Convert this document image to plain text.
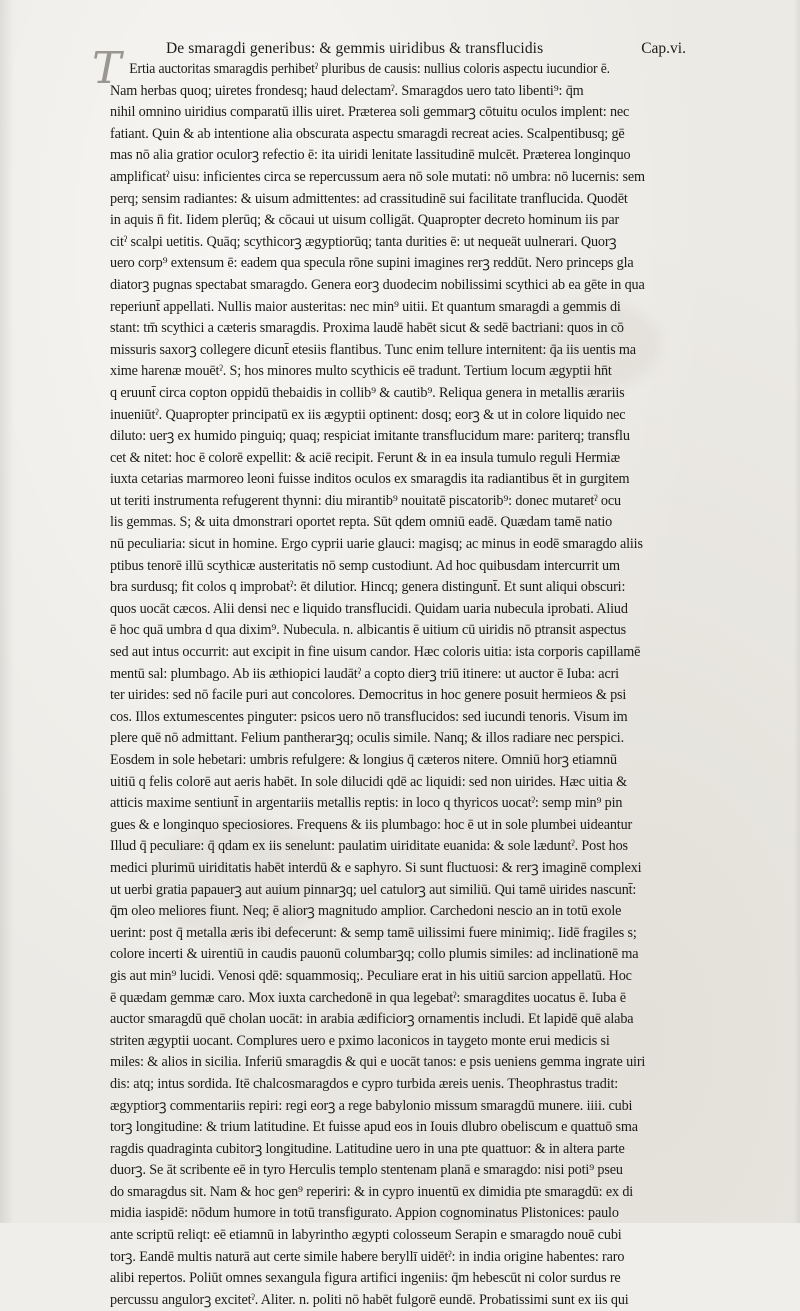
De smaragdi generibus: & gemmis uiridibus & transflucidis	Cap.vi.
T Ertia auctoritas smaragdis perhibetˀ pluribus de causis: nullius coloris aspectu iucundior ē.
Nam herbas quoq; uiretes frondesq; haud delectamˀ. Smaragdos uero tato libenti⁹: q̄m
nihil omnino uiridius comparatū illis uiret. Præterea soli gemmarꝫ cōtuitu oculos implent: nec
fatiant. Quin & ab intentione alia obscurata aspectu smaragdi recreat acies. Scalpentibusq; gē
mas nō alia gratior oculorꝫ refectio ē: ita uiridi lenitate lassitudinē mulcēt. Præterea longinquo
amplificatˀ uisu: inficientes circa se repercussum aera nō sole mutati: nō umbra: nō lucernis: sem
perq; sensim radiantes: & uisum admittentes: ad crassitudinē sui facilitate tranflucida. Quodēt
in aquis n̄ fit. Iidem plerūq; & cōcaui ut uisum colligāt. Quapropter decreto hominum iis par
citˀ scalpi uetitis. Quāq; scythicorꝫ ægyptiorūq; tanta durities ē: ut nequeāt uulnerari. Quorꝫ
uero corp⁹ extensum ē: eadem qua specula rōne supini imagines rerꝫ reddūt. Nero princeps gla
diatorꝫ pugnas spectabat smaragdo. Genera eorꝫ duodecim nobilissimi scythici ab ea gēte in qua
reperiunt̄ appellati. Nullis maior austeritas: nec min⁹ uitii. Et quantum smaragdi a gemmis di
stant: tm̄ scythici a cæteris smaragdis. Proxima laudē habēt sicut & sedē bactriani: quos in cō
missuris saxorꝫ collegere dicunt̄ etesiis flantibus. Tunc enim tellure internitent: q̄a iis uentis ma
xime harenæ mouētˀ. S; hos minores multo scythicis eē tradunt. Tertium locum ægyptii hn̄t
q eruunt̄ circa copton oppidū thebaidis in collib⁹ & cautib⁹. Reliqua genera in metallis ærariis
inueniūtˀ. Quapropter principatū ex iis ægyptii optinent: dosq; eorꝫ & ut in colore liquido nec
diluto: uerꝫ ex humido pinguiq; quaq; respiciat imitante transflucidum mare: pariterq; transflu
cet & nitet: hoc ē colorē expellit: & aciē recipit. Ferunt & in ea insula tumulo reguli Hermiæ
iuxta cetarias marmoreo leoni fuisse inditos oculos ex smaragdis ita radiantibus ēt in gurgitem
ut teriti instrumenta refugerent thynni: diu mirantib⁹ nouitatē piscatorib⁹: donec mutaretˀ ocu
lis gemmas. S; & uita dmonstrari oportet repta. Sūt qdem omniū eadē. Quædam tamē natio
nū peculiaria: sicut in homine. Ergo cyprii uarie glauci: magisq; ac minus in eodē smaragdo aliis
ptibus tenorē illū scythicæ austeritatis nō semp custodiunt. Ad hoc quibusdam intercurrit um
bra surdusq; fit colos q improbatˀ: ēt dilutior. Hincq; genera distingunt̄. Et sunt aliqui obscuri:
quos uocāt cæcos. Alii densi nec e liquido transflucidi. Quidam uaria nubecula iprobati. Aliud
ē hoc quā umbra d qua dixim⁹. Nubecula. n. albicantis ē uitium cū uiridis nō ptransit aspectus
sed aut intus occurrit: aut excipit in fine uisum candor. Hæc coloris uitia: ista corporis capillamē
mentū sal: plumbago. Ab iis æthiopici laudātˀ a copto dierꝫ triū itinere: ut auctor ē Iuba: acri
ter uirides: sed nō facile puri aut concolores. Democritus in hoc genere posuit hermieos & psi
cos. Illos extumescentes pinguter: psicos uero nō transflucidos: sed iucundi tenoris. Visum im
plere quē nō admittant. Felium pantherarꝫq; oculis simile. Nanq; & illos radiare nec perspici.
Eosdem in sole hebetari: umbris refulgere: & longius q̄ cæteros nitere. Omniū horꝫ etiamnū
uitiū q felis colorē aut aeris habēt. In sole dilucidi qdē ac liquidi: sed non uirides. Hæc uitia &
atticis maxime sentiunt̄ in argentariis metallis reptis: in loco q thyricos uocatˀ: semp min⁹ pin
gues & e longinquo speciosiores. Frequens & iis plumbago: hoc ē ut in sole plumbei uideantur
Illud q̄ peculiare: q̄ qdam ex iis senelunt: paulatim uiriditate euanida: & sole læduntˀ. Post hos
medici plurimū uiriditatis habēt interdū & e saphyro. Si sunt fluctuosi: & rerꝫ imaginē complexi
ut uerbi gratia papauerꝫ aut auium pinnarꝫq; uel catulorꝫ aut similiū. Qui tamē uirides nascunt̄:
q̄m oleo meliores fiunt. Neq; ē aliorꝫ magnitudo amplior. Carchedoni nescio an in totū exole
uerint: post q̄ metalla æris ibi defecerunt: & semp tamē uilissimi fuere minimiq;. Iidē fragiles s;
colore incerti & uirentiū in caudis pauonū columbarꝫq; collo plumis similes: ad inclinationē ma
gis aut min⁹ lucidi. Venosi qdē: squammosiq;. Peculiare erat in his uitiū sarcion appellatū. Hoc
ē quædam gemmæ caro. Mox iuxta carchedonē in qua legebatˀ: smaragdites uocatus ē. Iuba ē
auctor smaragdū quē cholan uocāt: in arabia ædificiorꝫ ornamentis includi. Et lapidē quē alaba
striten ægyptii uocant. Complures uero e pximo laconicos in taygeto monte erui medicis si
miles: & alios in sicilia. Inferiū smaragdis & qui e uocāt tanos: e psis ueniens gemma ingrate uiri
dis: atq; intus sordida. Itē chalcosmaragdos e cypro turbida æreis uenis. Theophrastus tradit:
ægyptiorꝫ commentariis repiri: regi eorꝫ a rege babylonio missum smaragdū munere. iiii. cubi
torꝫ longitudine: & trium latitudine. Et fuisse apud eos in Iouis dlubro obeliscum e quattuō sma
ragdis quadraginta cubitorꝫ longitudine. Latitudine uero in una pte quattuor: & in altera parte
duorꝫ. Se āt scribente eē in tyro Herculis templo stentenam planā e smaragdo: nisi poti⁹ pseu
do smaragdus sit. Nam & hoc gen⁹ reperiri: & in cypro inuentū ex dimidia pte smaragdū: ex di
midia iaspidē: nōdum humore in totū transfigurato. Appion cognominatus Plistonices: paulo
ante scriptū reliqt: eē etiamnū in labyrintho ægypti colosseum Serapin e smaragdo nouē cubi
torꝫ. Eandē multis naturā aut certe simile habere beryllī uidētˀ: in india origine habentes: raro
alibi repertos. Poliūt omnes sexangula figura artifici ingeniis: q̄m hebescūt ni color surdus re
percussu angulorꝫ excitetˀ. Aliter. n. politi nō habēt fulgorē eundē. Probatissimi sunt ex iis qui
